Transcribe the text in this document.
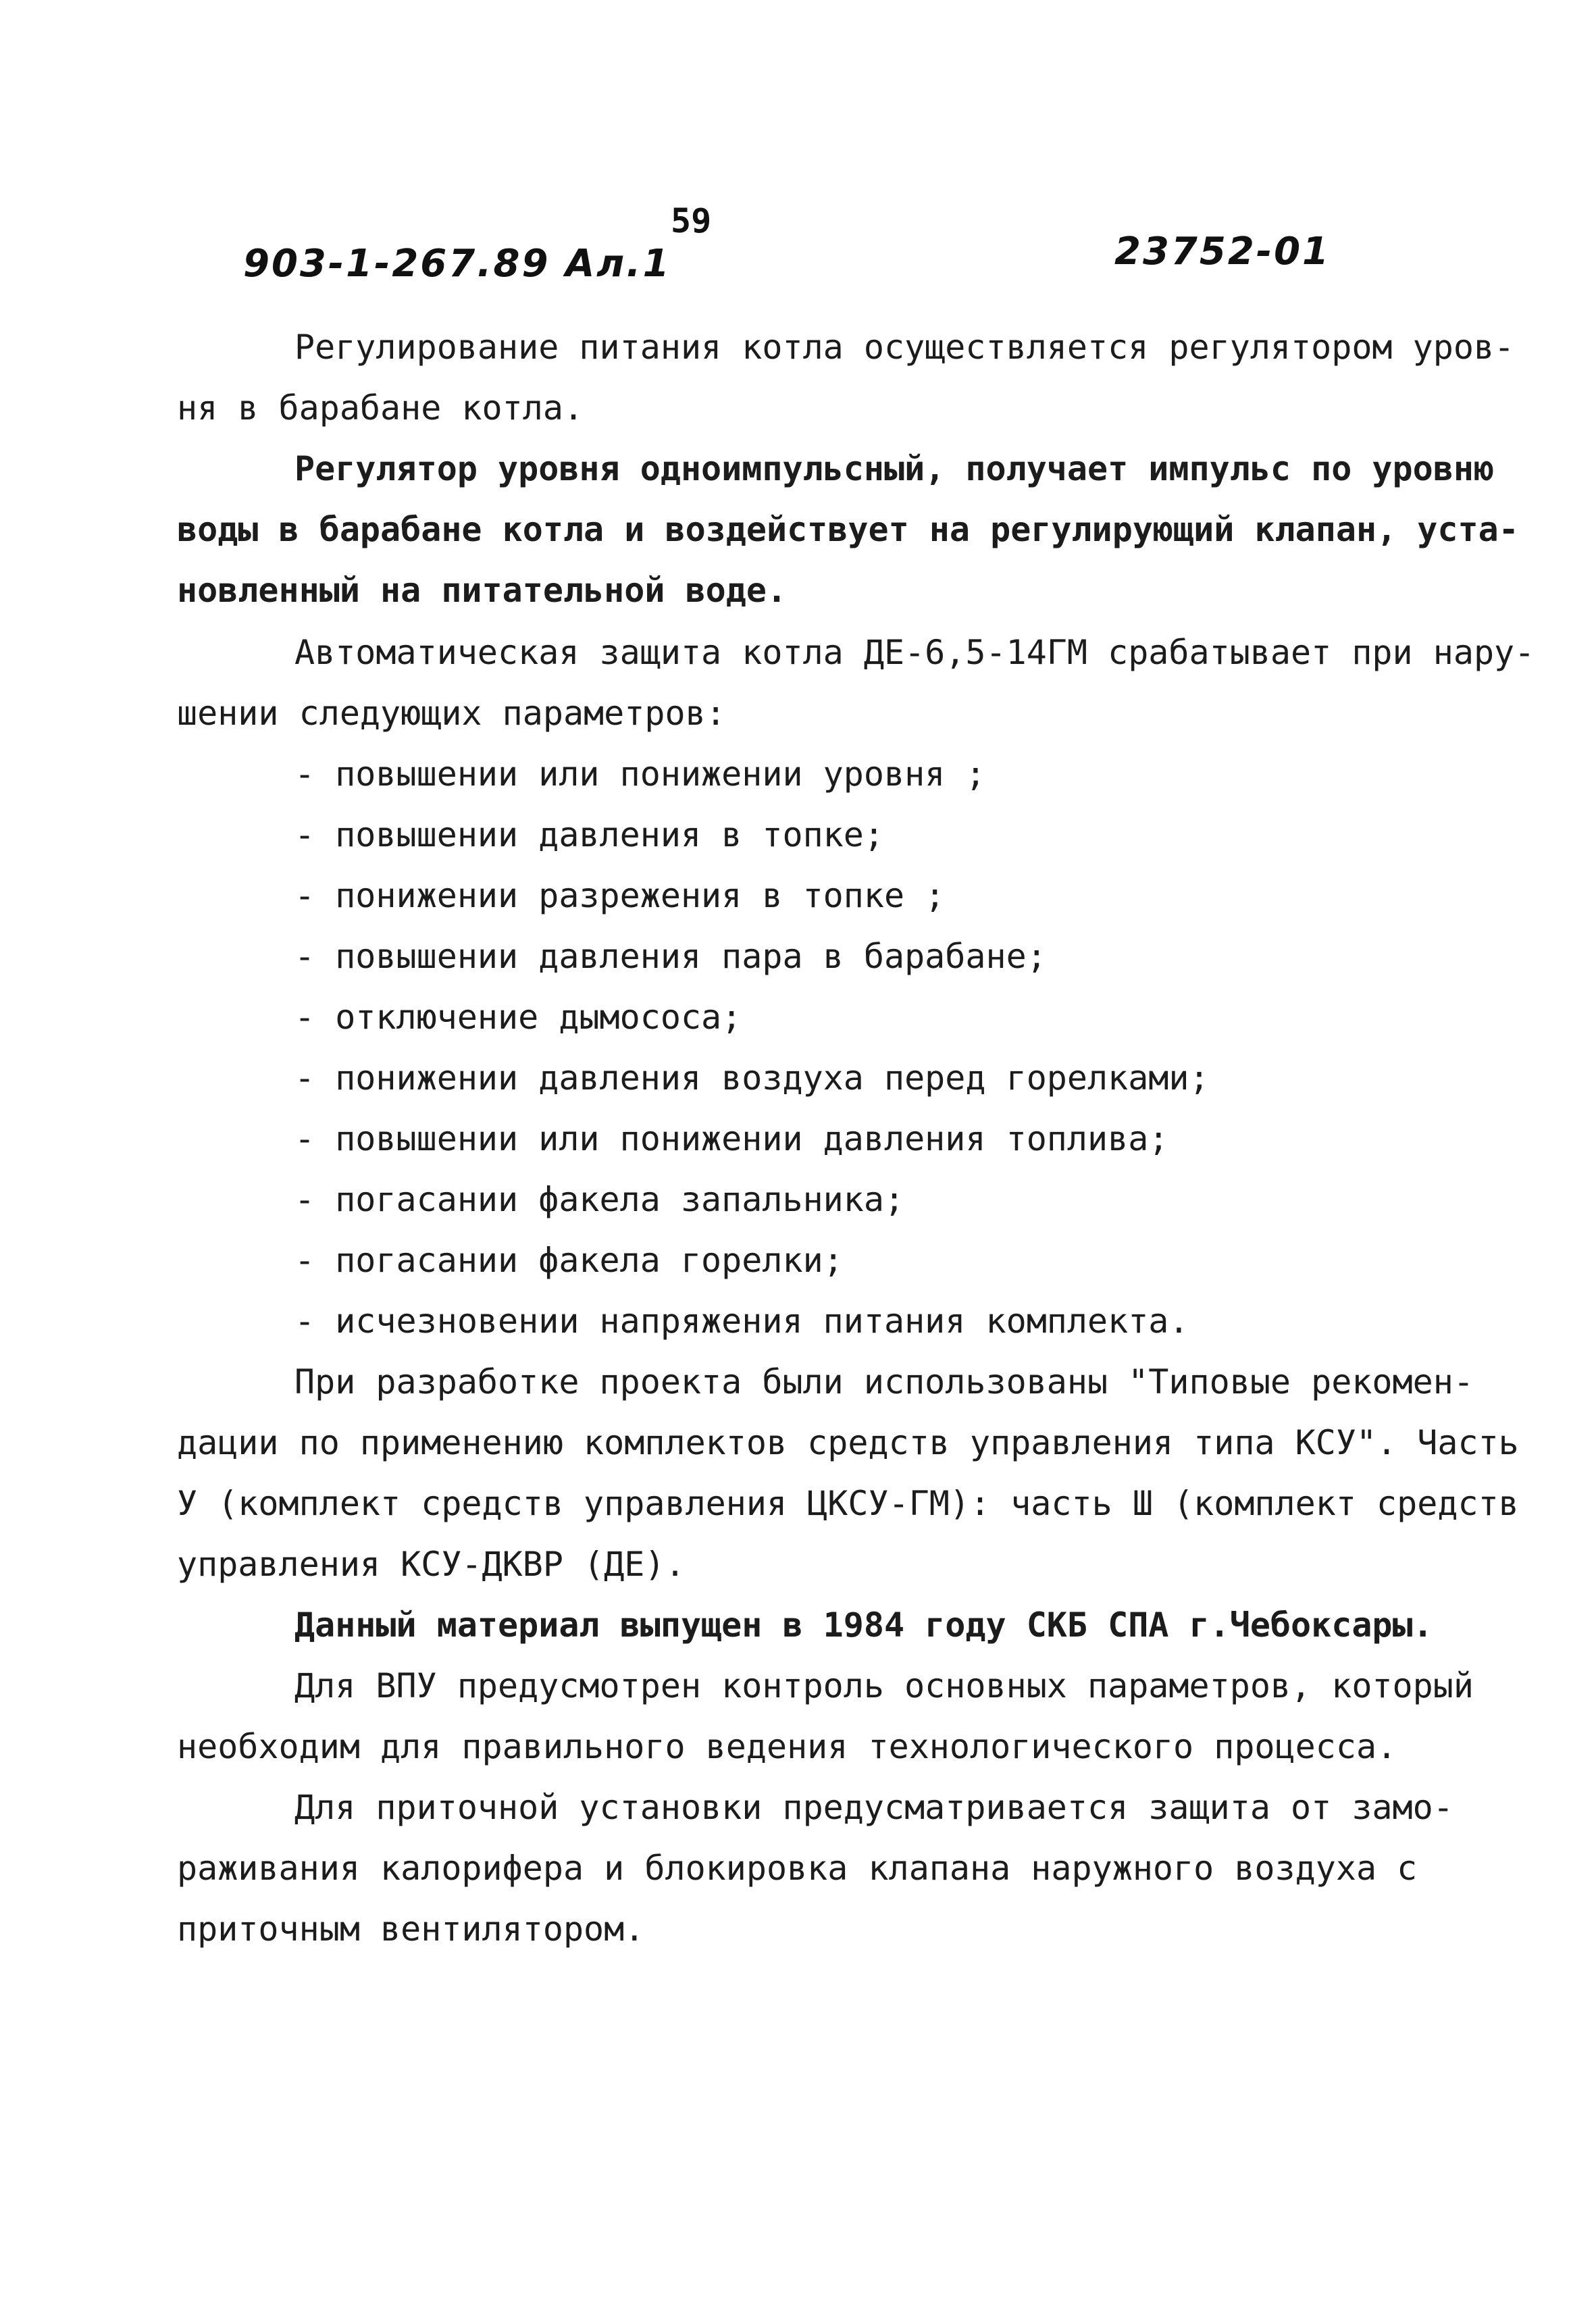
59
903-1-267.89 Ал.1	23752-01
Регулирование питания котла осуществляется регулятором уров-
ня в барабане котла.
Регулятор уровня одноимпульсный, получает импульс по уровню
воды в барабане котла и воздействует на регулирующий клапан, уста-
новленный на питательной воде.
Автоматическая защита котла ДЕ-6,5-14ГМ срабатывает при нару-
шении следующих параметров:
- повышении или понижении уровня ;
- повышении давления в топке;
- понижении разрежения в топке ;
- повышении давления пара в барабане;
- отключение дымососа;
- понижении давления воздуха перед горелками;
- повышении или понижении давления топлива;
- погасании факела запальника;
- погасании факела горелки;
- исчезновении напряжения питания комплекта.
При разработке проекта были использованы "Типовые рекомен-
дации по применению комплектов средств управления типа КСУ". Часть
У (комплект средств управления ЦКСУ-ГМ): часть Ш (комплект средств
управления КСУ-ДКВР (ДЕ).
Данный материал выпущен в 1984 году СКБ СПА г.Чебоксары.
Для ВПУ предусмотрен контроль основных параметров, который
необходим для правильного ведения технологического процесса.
Для приточной установки предусматривается защита от замо-
раживания калорифера и блокировка клапана наружного воздуха с
приточным вентилятором.
